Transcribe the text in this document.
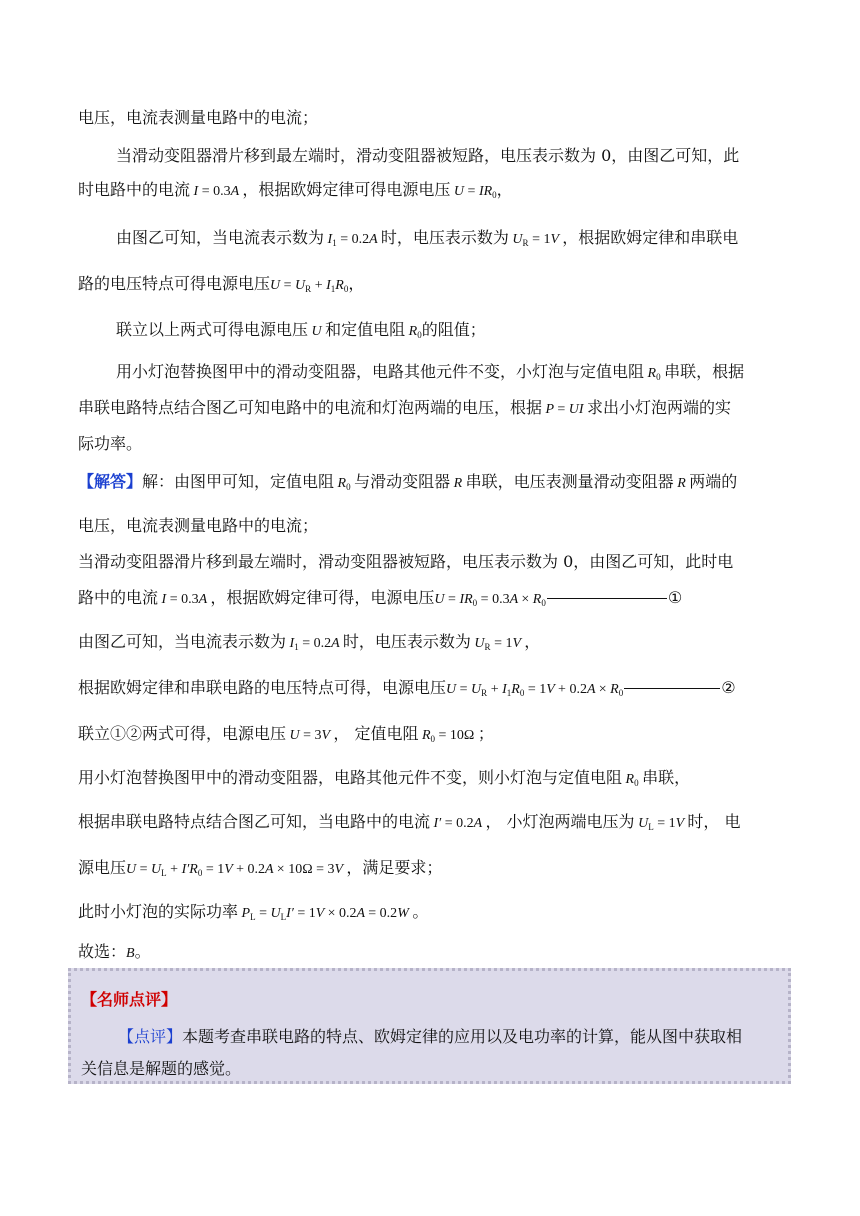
电压，电流表测量电路中的电流；
当滑动变阻器滑片移到最左端时，滑动变阻器被短路，电压表示数为 0，由图乙可知，此
时电路中的电流 I = 0.3A ，根据欧姆定律可得电源电压 $U = IR_0$，
由图乙可知，当电流表示数为 $I_1 = 0.2A$ 时，电压表示数为 $U_R = 1V$ ，根据欧姆定律和串联电
路的电压特点可得电源电压$U = U_R + I_1R_0$，
联立以上两式可得电源电压 U 和定值电阻 $R_0$的阻值；
用小灯泡替换图甲中的滑动变阻器，电路其他元件不变，小灯泡与定值电阻 $R_0$ 串联，根据
串联电路特点结合图乙可知电路中的电流和灯泡两端的电压，根据 P = UI 求出小灯泡两端的实
际功率。
【解答】解：由图甲可知，定值电阻 $R_0$ 与滑动变阻器 R 串联，电压表测量滑动变阻器 R 两端的
电压，电流表测量电路中的电流；
当滑动变阻器滑片移到最左端时，滑动变阻器被短路，电压表示数为 0，由图乙可知，此时电
路中的电流 I = 0.3A ，根据欧姆定律可得，电源电压$U = IR_0 = 0.3A \times R_0$	①
由图乙可知，当电流表示数为 $I_1 = 0.2A$ 时，电压表示数为 $U_R = 1V$ ，
根据欧姆定律和串联电路的电压特点可得，电源电压$U = U_R + I_1R_0 = 1V + 0.2A \times R_0$	②
联立①②两式可得，电源电压 U = 3V ， 定值电阻 $R_0 = 10\Omega$ ；
用小灯泡替换图甲中的滑动变阻器，电路其他元件不变，则小灯泡与定值电阻 $R_0$ 串联，
根据串联电路特点结合图乙可知，当电路中的电流 I′ = 0.2A ， 小灯泡两端电压为 $U_L = 1V$ 时， 电
源电压$U = U_L + I'R_0 = 1V + 0.2A \times 10\Omega = 3V$ ，满足要求；
此时小灯泡的实际功率 $P_L = U_LI' = 1V \times 0.2A = 0.2W$ 。
故选：B。
【名师点评】
【点评】本题考查串联电路的特点、欧姆定律的应用以及电功率的计算，能从图中获取相
关信息是解题的感觉。
